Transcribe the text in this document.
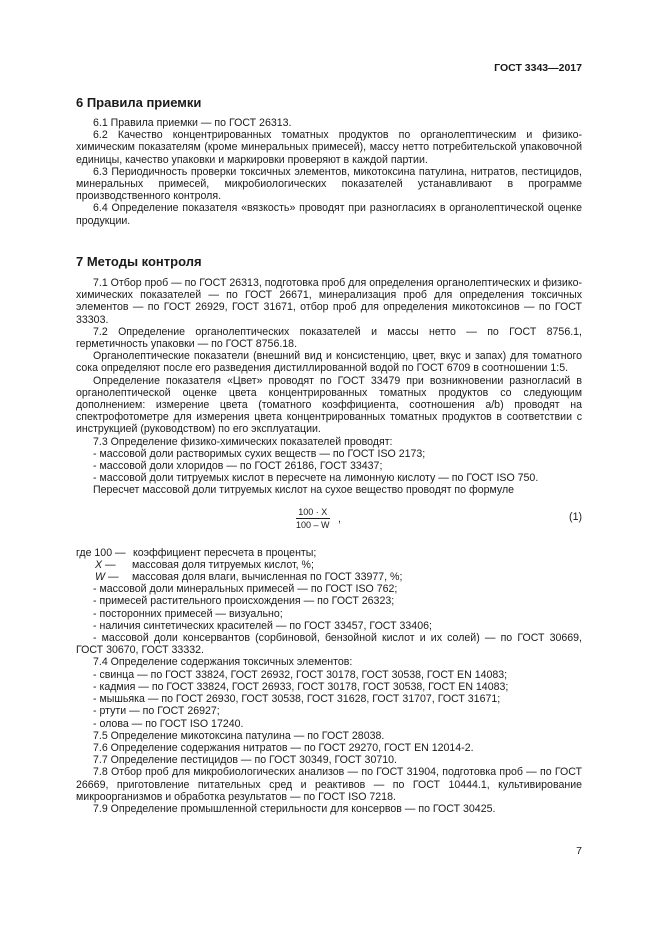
ГОСТ 3343—2017
6 Правила приемки

6.1 Правила приемки — по ГОСТ 26313.

6.2 Качество концентрированных томатных продуктов по органолептическим и физико-химическим показателям (кроме минеральных примесей), массу нетто потребительской упаковочной единицы, качество упаковки и маркировки проверяют в каждой партии.

6.3 Периодичность проверки токсичных элементов, микотоксина патулина, нитратов, пестицидов, минеральных примесей, микробиологических показателей устанавливают в программе производственного контроля.

6.4 Определение показателя «вязкость» проводят при разногласиях в органолептической оценке продукции.

7 Методы контроля

7.1 Отбор проб — по ГОСТ 26313, подготовка проб для определения органолептических и физико-химических показателей — по ГОСТ 26671, минерализация проб для определения токсичных элементов — по ГОСТ 26929, ГОСТ 31671, отбор проб для определения микотоксинов — по ГОСТ 33303.

7.2 Определение органолептических показателей и массы нетто — по ГОСТ 8756.1, герметичность упаковки — по ГОСТ 8756.18.

Органолептические показатели (внешний вид и консистенцию, цвет, вкус и запах) для томатного сока определяют после его разведения дистиллированной водой по ГОСТ 6709 в соотношении 1:5.

Определение показателя «Цвет» проводят по ГОСТ 33479 при возникновении разногласий в органолептической оценке цвета концентрированных томатных продуктов со следующим дополнением: измерение цвета (томатного коэффициента, соотношения a/b) проводят на спектрофотометре для измерения цвета концентрированных томатных продуктов в соответствии с инструкцией (руководством) по его эксплуатации.

7.3 Определение физико-химических показателей проводят:

- массовой доли растворимых сухих веществ — по ГОСТ ISO 2173;

- массовой доли хлоридов — по ГОСТ 26186, ГОСТ 33437;

- массовой доли титруемых кислот в пересчете на лимонную кислоту — по ГОСТ ISO 750.

Пересчет массовой доли титруемых кислот на сухое вещество проводят по формуле

$\frac{100 \cdot X}{100 - W}$ ,	(1)

где 100 — коэффициент пересчета в проценты;

X — массовая доля титруемых кислот, %;

W — массовая доля влаги, вычисленная по ГОСТ 33977, %;

- массовой доли минеральных примесей — по ГОСТ ISO 762;

- примесей растительного происхождения — по ГОСТ 26323;

- посторонних примесей — визуально;

- наличия синтетических красителей — по ГОСТ 33457, ГОСТ 33406;

- массовой доли консервантов (сорбиновой, бензойной кислот и их солей) — по ГОСТ 30669, ГОСТ 30670, ГОСТ 33332.

7.4 Определение содержания токсичных элементов:

- свинца — по ГОСТ 33824, ГОСТ 26932, ГОСТ 30178, ГОСТ 30538, ГОСТ EN 14083;

- кадмия — по ГОСТ 33824, ГОСТ 26933, ГОСТ 30178, ГОСТ 30538, ГОСТ EN 14083;

- мышьяка — по ГОСТ 26930, ГОСТ 30538, ГОСТ 31628, ГОСТ 31707, ГОСТ 31671;

- ртути — по ГОСТ 26927;

- олова — по ГОСТ ISO 17240.

7.5 Определение микотоксина патулина — по ГОСТ 28038.

7.6 Определение содержания нитратов — по ГОСТ 29270, ГОСТ EN 12014-2.

7.7 Определение пестицидов — по ГОСТ 30349, ГОСТ 30710.

7.8 Отбор проб для микробиологических анализов — по ГОСТ 31904, подготовка проб — по ГОСТ 26669, приготовление питательных сред и реактивов — по ГОСТ 10444.1, культивирование микроорганизмов и обработка результатов — по ГОСТ ISO 7218.

7.9 Определение промышленной стерильности для консервов — по ГОСТ 30425.

7
